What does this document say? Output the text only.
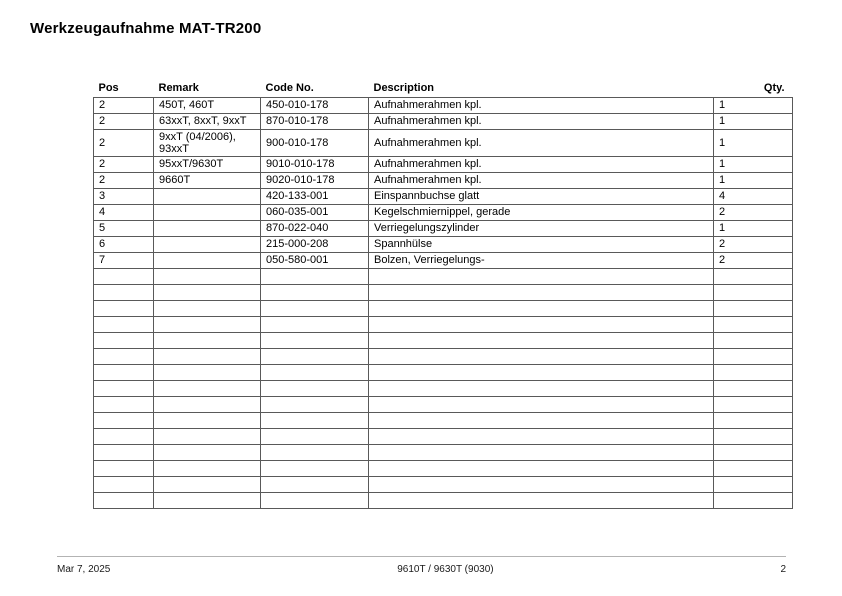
Werkzeugaufnahme MAT-TR200
Pos	Remark	Code No.	Description	Qty.
2	450T, 460T	450-010-178	Aufnahmerahmen kpl.	1
2	63xxT, 8xxT, 9xxT	870-010-178	Aufnahmerahmen kpl.	1
2	9xxT (04/2006), 93xxT	900-010-178	Aufnahmerahmen kpl.	1
2	95xxT/9630T	9010-010-178	Aufnahmerahmen kpl.	1
2	9660T	9020-010-178	Aufnahmerahmen kpl.	1
3		420-133-001	Einspannbuchse glatt	4
4		060-035-001	Kegelschmiernippel, gerade	2
5		870-022-040	Verriegelungszylinder	1
6		215-000-208	Spannhülse	2
7		050-580-001	Bolzen, Verriegelungs-	2

Mar 7, 2025	9610T / 9630T (9030)	2
